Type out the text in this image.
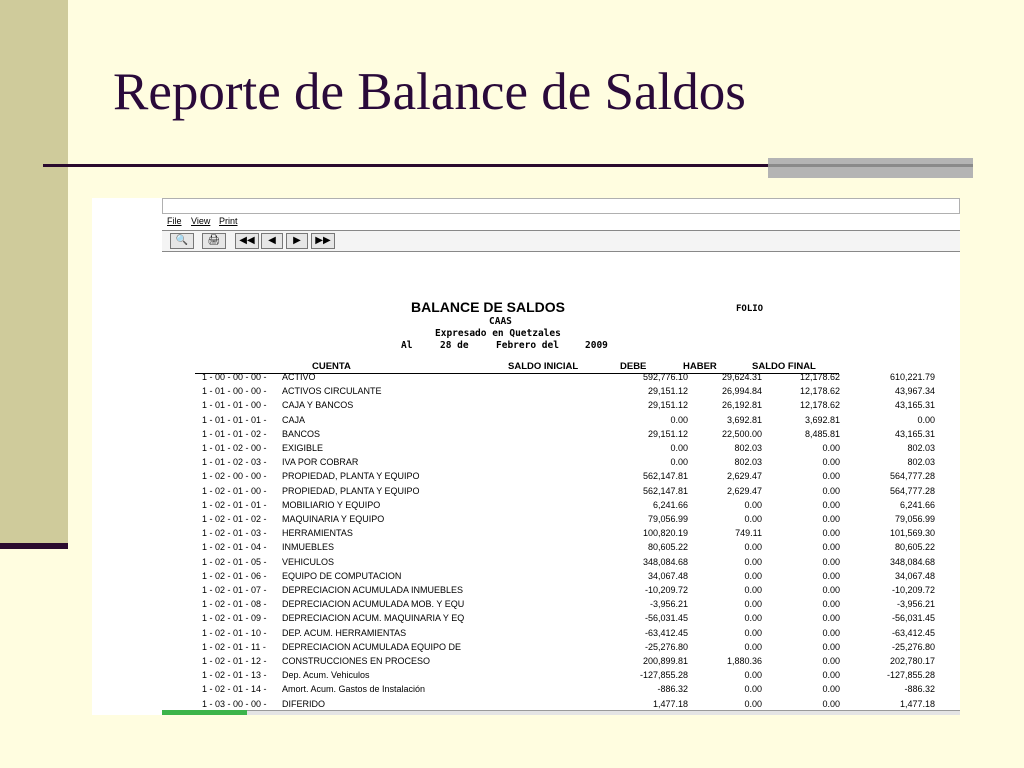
Reporte de Balance de Saldos
File View Print
🔍	🖨	◀◀	◀	▶	▶▶
BALANCE DE SALDOS	FOLIO
CAAS
Expresado en Quetzales
Al	28 de	Febrero del	2009
CUENTA	SALDO INICIAL	DEBE	HABER	SALDO FINAL
1 - 00 - 00 - 00 - ACTIVO	592,776.10	29,624.31	12,178.62	610,221.79
1 - 01 - 00 - 00 - ACTIVOS CIRCULANTE	29,151.12	26,994.84	12,178.62	43,967.34
1 - 01 - 01 - 00 - CAJA Y BANCOS	29,151.12	26,192.81	12,178.62	43,165.31
1 - 01 - 01 - 01 - CAJA	0.00	3,692.81	3,692.81	0.00
1 - 01 - 01 - 02 - BANCOS	29,151.12	22,500.00	8,485.81	43,165.31
1 - 01 - 02 - 00 - EXIGIBLE	0.00	802.03	0.00	802.03
1 - 01 - 02 - 03 - IVA POR COBRAR	0.00	802.03	0.00	802.03
1 - 02 - 00 - 00 - PROPIEDAD, PLANTA Y EQUIPO	562,147.81	2,629.47	0.00	564,777.28
1 - 02 - 01 - 00 - PROPIEDAD, PLANTA Y EQUIPO	562,147.81	2,629.47	0.00	564,777.28
1 - 02 - 01 - 01 - MOBILIARIO Y EQUIPO	6,241.66	0.00	0.00	6,241.66
1 - 02 - 01 - 02 - MAQUINARIA Y EQUIPO	79,056.99	0.00	0.00	79,056.99
1 - 02 - 01 - 03 - HERRAMIENTAS	100,820.19	749.11	0.00	101,569.30
1 - 02 - 01 - 04 - INMUEBLES	80,605.22	0.00	0.00	80,605.22
1 - 02 - 01 - 05 - VEHICULOS	348,084.68	0.00	0.00	348,084.68
1 - 02 - 01 - 06 - EQUIPO DE COMPUTACION	34,067.48	0.00	0.00	34,067.48
1 - 02 - 01 - 07 - DEPRECIACION ACUMULADA INMUEBLES	-10,209.72	0.00	0.00	-10,209.72
1 - 02 - 01 - 08 - DEPRECIACION ACUMULADA MOB. Y EQU	-3,956.21	0.00	0.00	-3,956.21
1 - 02 - 01 - 09 - DEPRECIACION ACUM. MAQUINARIA Y EQ	-56,031.45	0.00	0.00	-56,031.45
1 - 02 - 01 - 10 - DEP. ACUM. HERRAMIENTAS	-63,412.45	0.00	0.00	-63,412.45
1 - 02 - 01 - 11 - DEPRECIACION ACUMULADA EQUIPO DE	-25,276.80	0.00	0.00	-25,276.80
1 - 02 - 01 - 12 - CONSTRUCCIONES EN PROCESO	200,899.81	1,880.36	0.00	202,780.17
1 - 02 - 01 - 13 - Dep. Acum. Vehiculos	-127,855.28	0.00	0.00	-127,855.28
1 - 02 - 01 - 14 - Amort. Acum. Gastos de Instalación	-886.32	0.00	0.00	-886.32
1 - 03 - 00 - 00 - DIFERIDO	1,477.18	0.00	0.00	1,477.18
